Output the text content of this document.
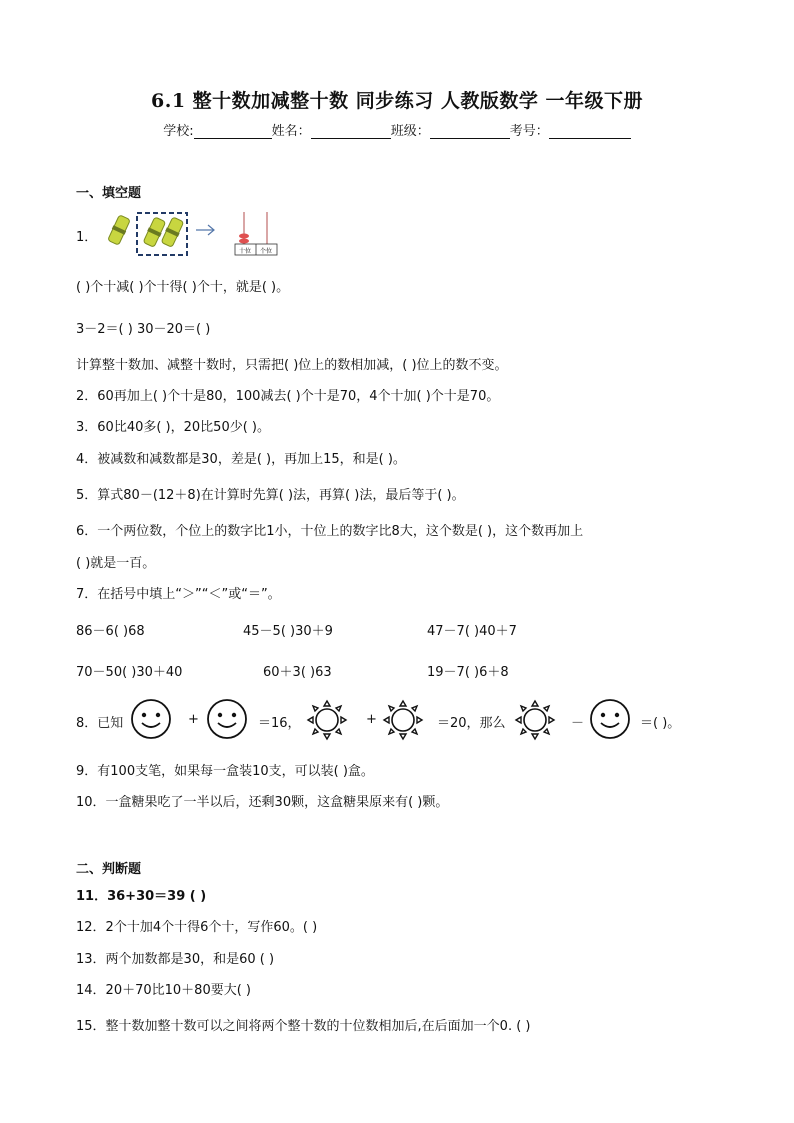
6.1 整十数加减整十数 同步练习 人教版数学 一年级下册
学校:	姓名：	班级：	考号：
一、填空题
1．
十位 个位
( )个十减( )个十得( )个十，就是( )。
3－2＝( ) 30－20＝( )
计算整十数加、减整十数时，只需把( )位上的数相加减，( )位上的数不变。
2．60再加上( )个十是80，100减去( )个十是70，4个十加( )个十是70。
3．60比40多( )，20比50少( )。
4．被减数和减数都是30，差是( )，再加上15，和是( )。
5．算式80－(12＋8)在计算时先算( )法，再算( )法，最后等于( )。
6．一个两位数，个位上的数字比1小，十位上的数字比8大，这个数是( )，这个数再加上
( )就是一百。
7．在括号中填上“＞”“＜”或“＝”。
86－6( )68	45－5( )30＋9	47－7( )40＋7
70－50( )30＋40	60＋3( )63	19－7( )6＋8
8．已知	+	＝16，	+	＝20，那么	－	＝( )。
9．有100支笔，如果每一盒装10支，可以装( )盒。
10．一盒糖果吃了一半以后，还剩30颗，这盒糖果原来有( )颗。
二、判断题
11．36+30＝39 ( )
12．2个十加4个十得6个十，写作60。( )
13．两个加数都是30，和是60 ( )
14．20＋70比10＋80要大( )
15．整十数加整十数可以之间将两个整十数的十位数相加后,在后面加一个0. ( )
